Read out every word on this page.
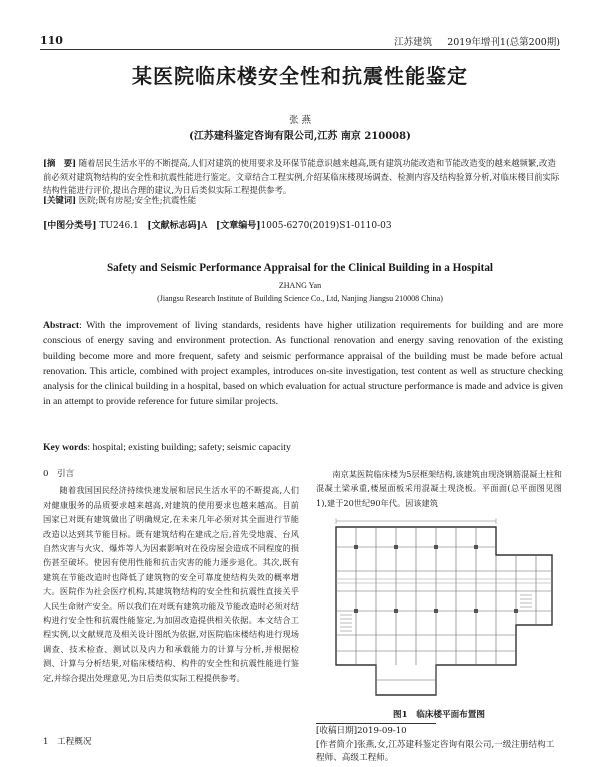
110	江苏建筑 2019年增刊1(总第200期)
某医院临床楼安全性和抗震性能鉴定
张 燕
(江苏建科鉴定咨询有限公司,江苏 南京 210008)
[摘　要] 随着居民生活水平的不断提高,人们对建筑的使用要求及环保节能意识越来越高,既有建筑功能改造和节能改造变的越来越频繁,改造前必须对建筑物结构的安全性和抗震性能进行鉴定。文章结合工程实例,介绍某临床楼现场调查、检测内容及结构验算分析,对临床楼目前实际结构性能进行评价,提出合理的建议,为日后类似实际工程提供参考。
[关键词] 医院;既有房屋;安全性;抗震性能
[中图分类号] TU246.1 [文献标志码]A [文章编号]1005-6270(2019)S1-0110-03
Safety and Seismic Performance Appraisal for the Clinical Building in a Hospital
ZHANG Yan
(Jiangsu Research Institute of Building Science Co., Ltd, Nanjing Jiangsu 210008 China)
Abstract: With the improvement of living standards, residents have higher utilization requirements for building and are more conscious of energy saving and environment protection. As functional renovation and energy saving renovation of the existing building become more and more frequent, safety and seismic performance appraisal of the building must be made before actual renovation. This article, combined with project examples, introduces on-site investigation, test content as well as structure checking analysis for the clinical building in a hospital, based on which evaluation for actual structure performance is made and advice is given in an attempt to provide reference for future similar projects.
Key words: hospital; existing building; safety; seismic capacity
0　引言

随着我国国民经济持续快速发展和居民生活水平的不断提高,人们对健康服务的品质要求越来越高,对建筑的使用要求也越来越高。目前国家已对既有建筑做出了明确规定,在未来几年必须对其全面进行节能改造以达到其节能目标。既有建筑结构在建成之后,首先受地震、台风自然灾害与火灾、爆炸等人为因素影响对在役房屋会造成不同程度的损伤甚至破坏。使因有使用性能和抗击灾害的能力逐步退化。其次,既有建筑在节能改造时也降低了建筑物的安全可靠度使结构失效的概率增大。医院作为社会医疗机构,其建筑物结构的安全性和抗震性直接关乎人民生命财产安全。所以我们在对既有建筑功能及节能改造时必须对结构进行安全性和抗震性能鉴定,为加固改造提供相关依据。本文结合工程实例,以文献规范及相关设计图纸为依据,对医院临床楼结构进行现场调查、技术检查、测试以及内力和承载能力的计算与分析,并根据检测、计算与分析结果,对临床楼结构、构件的安全性和抗震性能进行鉴定,并综合提出处理意见,为日后类似实际工程提供参考。

1　工程概况
南京某医院临床楼为5层框架结构,该建筑由现浇钢筋混凝土柱和混凝土梁承重,楼屋面板采用混凝土现浇板。平面面(总平面图见图1),建于20世纪90年代。因该建筑
图1　临床楼平面布置图
[收稿日期]2019-09-10
[作者简介]张燕,女,江苏建科鉴定咨询有限公司,一级注册结构工程师、高级工程师。
